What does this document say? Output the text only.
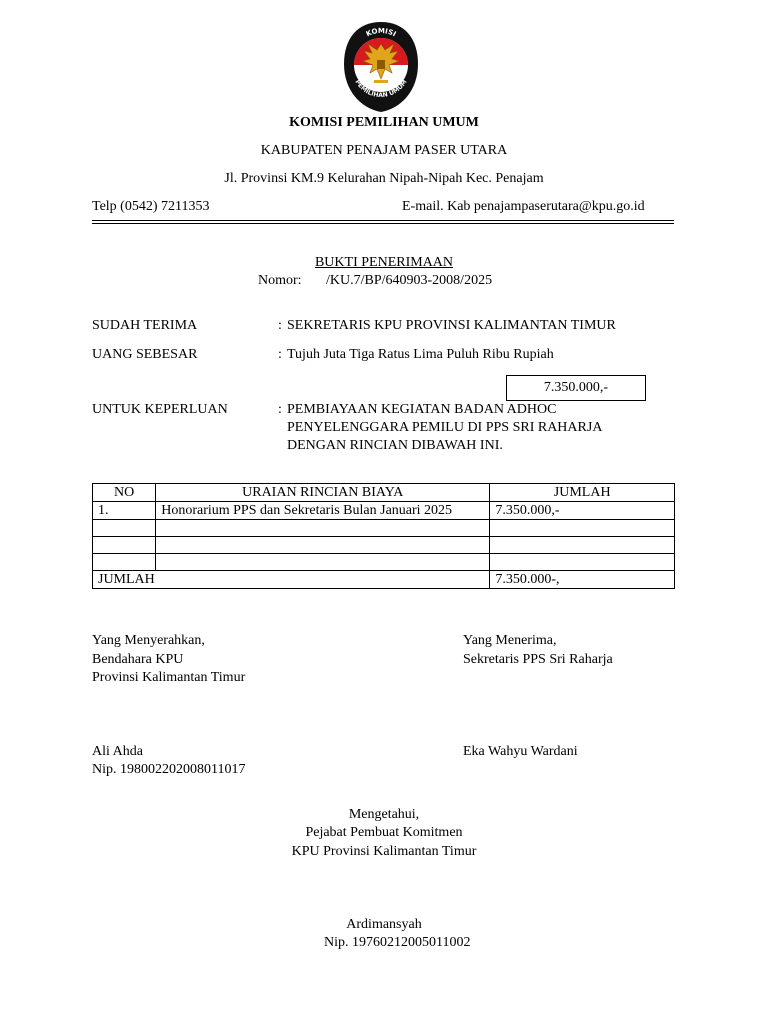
KOMISI
PEMILIHAN UMUM
KOMISI PEMILIHAN UMUM
KABUPATEN PENAJAM PASER UTARA
Jl. Provinsi KM.9 Kelurahan Nipah-Nipah Kec. Penajam
Telp (0542) 7211353	E-mail. Kab penajampaserutara@kpu.go.id
BUKTI PENERIMAAN
Nomor: /KU.7/BP/640903-2008/2025
SUDAH TERIMA	: SEKRETARIS KPU PROVINSI KALIMANTAN TIMUR
UANG SEBESAR	: Tujuh Juta Tiga Ratus Lima Puluh Ribu Rupiah
7.350.000,-
UNTUK KEPERLUAN	: PEMBIAYAAN KEGIATAN BADAN ADHOC
PENYELENGGARA PEMILU DI PPS SRI RAHARJA
DENGAN RINCIAN DIBAWAH INI.
NO	URAIAN RINCIAN BIAYA	JUMLAH
1.	Honorarium PPS dan Sekretaris Bulan Januari 2025	7.350.000,-

JUMLAH		7.350.000-,
Yang Menyerahkan,
Bendahara KPU
Provinsi Kalimantan Timur
Ali Ahda
Nip. 198002202008011017
Yang Menerima,
Sekretaris PPS Sri Raharja
Eka Wahyu Wardani
Mengetahui,
Pejabat Pembuat Komitmen
KPU Provinsi Kalimantan Timur
Ardimansyah
Nip. 19760212005011002
